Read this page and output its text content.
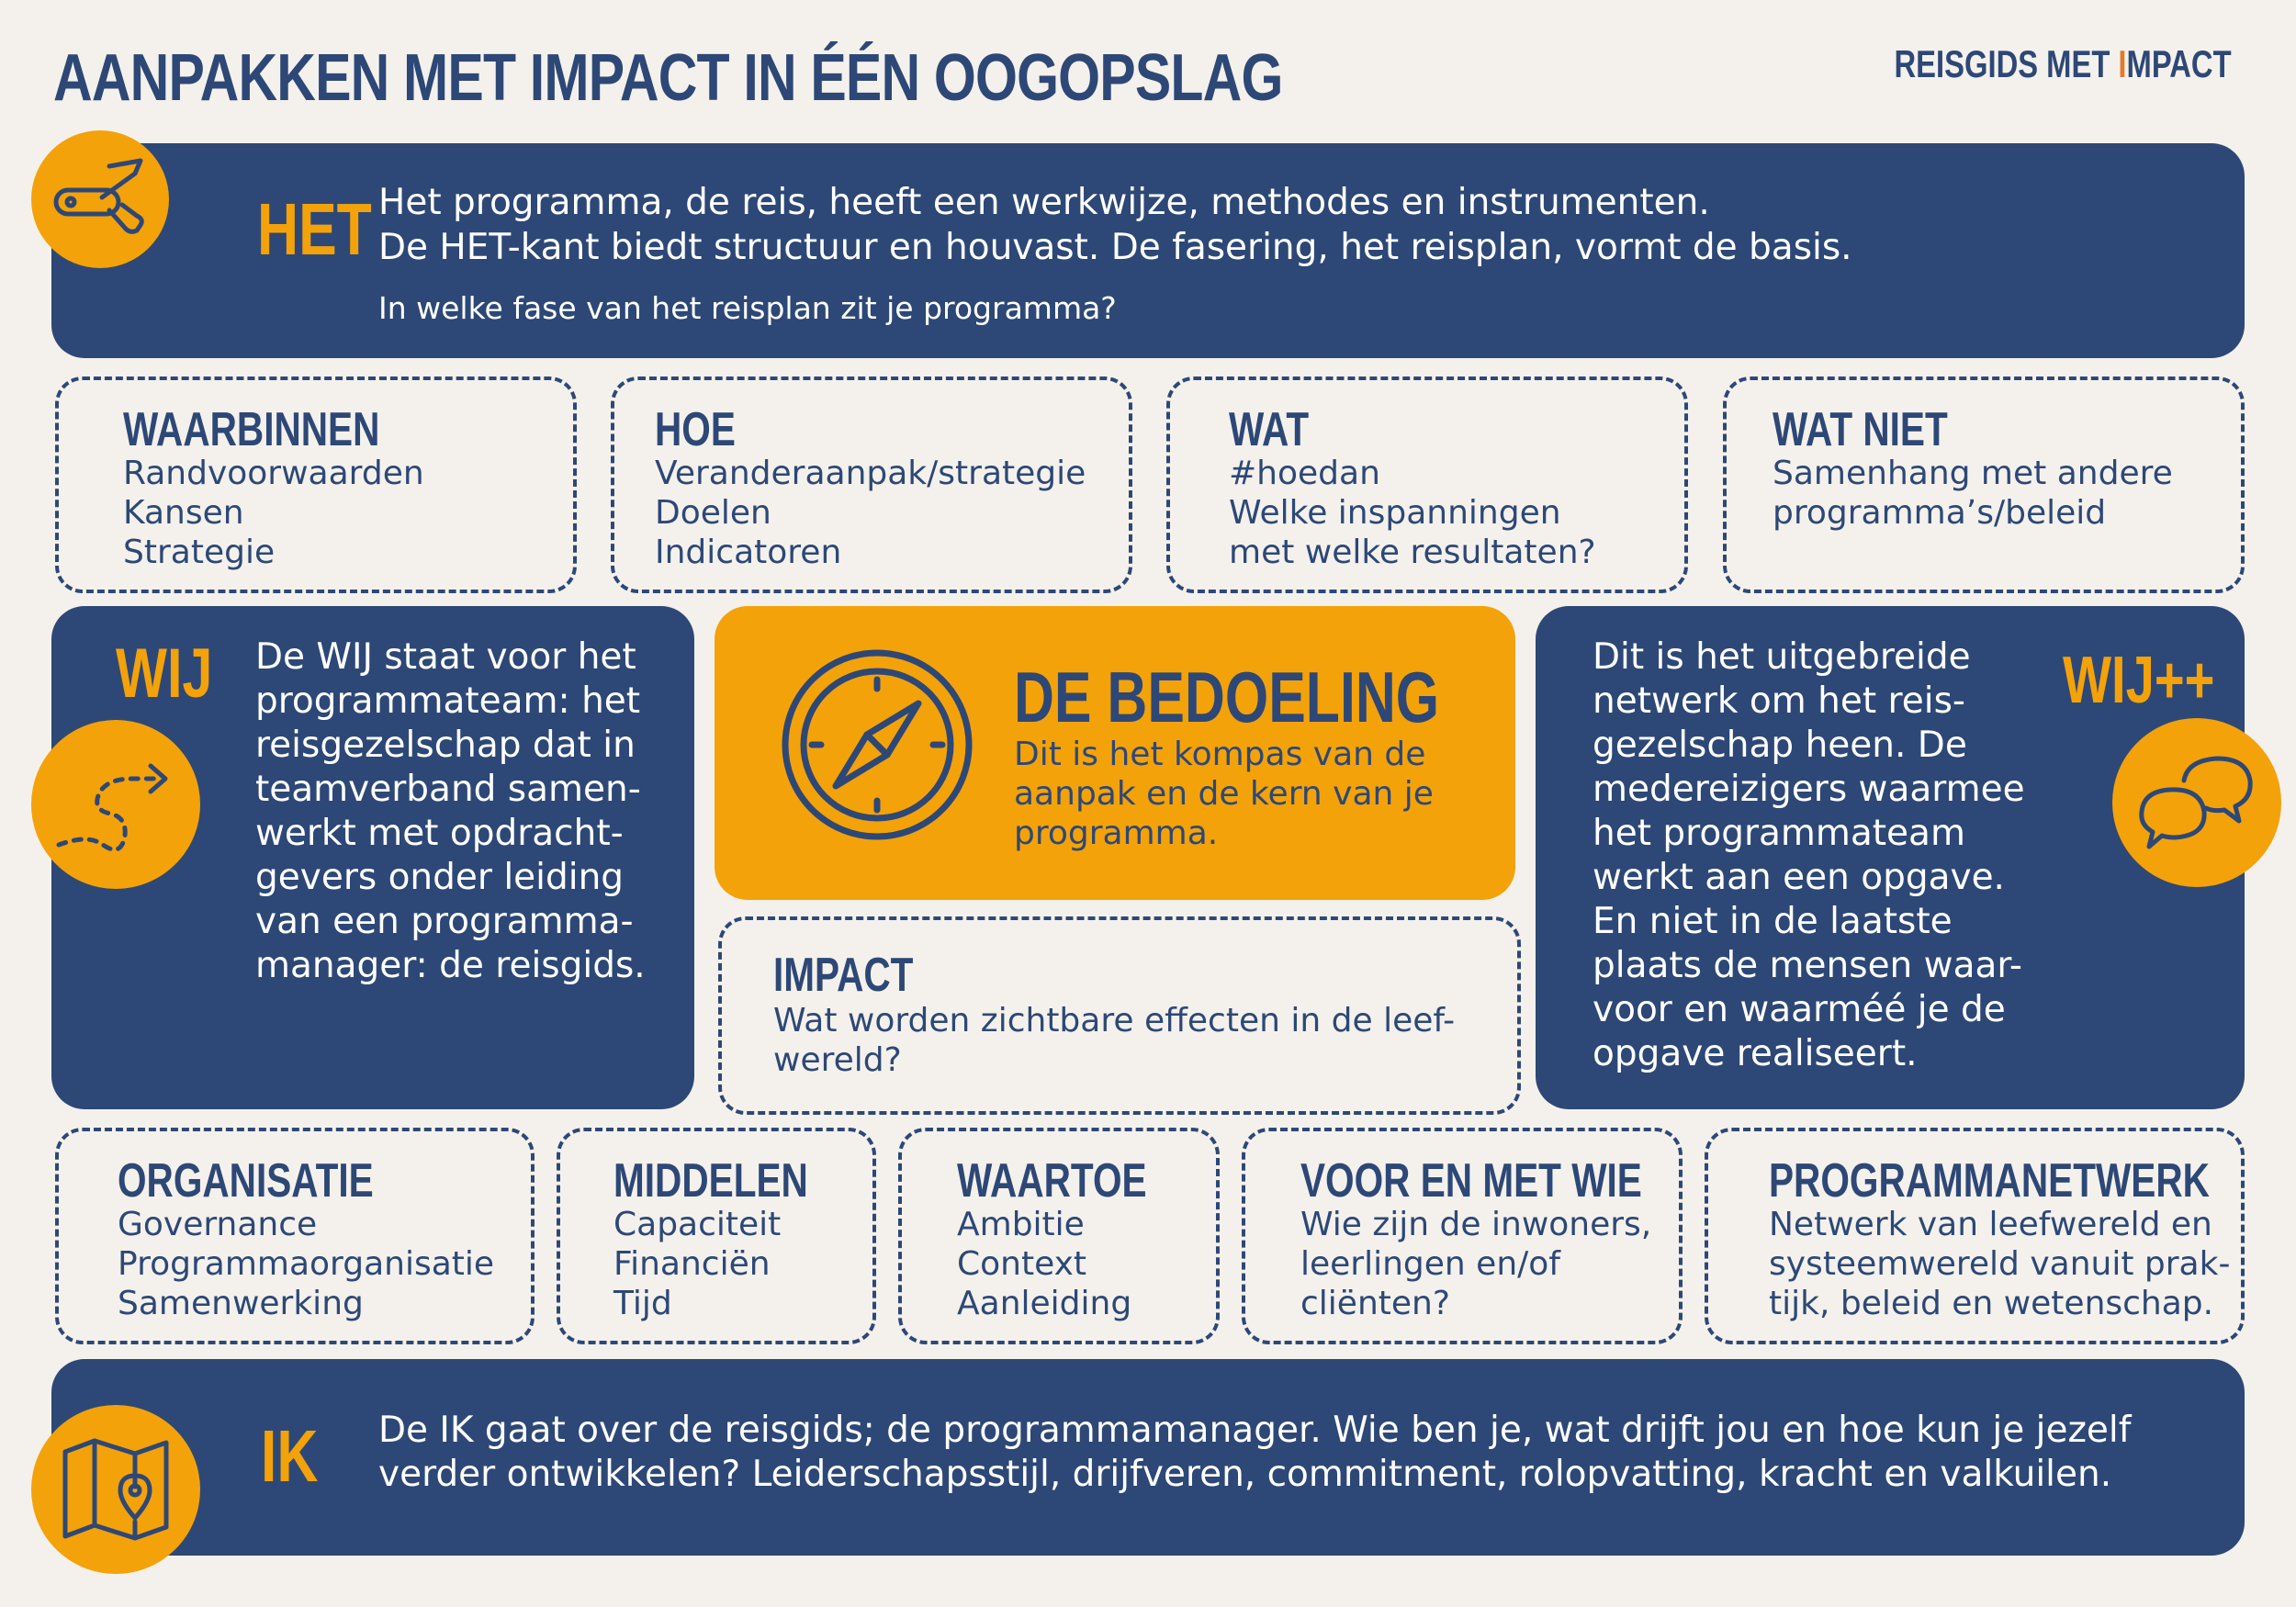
AANPAKKEN MET IMPACT IN ÉÉN OOGOPSLAG	REISGIDS MET IMPACT
HET Het programma, de reis, heeft een werkwijze, methodes en instrumenten.
De HET-kant biedt structuur en houvast. De fasering, het reisplan, vormt de basis.
In welke fase van het reisplan zit je programma?
WAARBINNEN
Randvoorwaarden
Kansen
Strategie
HOE
Veranderaanpak/strategie
Doelen
Indicatoren
WAT
#hoedan
Welke inspanningen
met welke resultaten?
WAT NIET
Samenhang met andere
programma’s/beleid
WIJ De WIJ staat voor het
programmateam: het
reisgezelschap dat in
teamverband samen-
werkt met opdracht-
gevers onder leiding
van een programma-
manager: de reisgids.
DE BEDOELING
Dit is het kompas van de
aanpak en de kern van je
programma.
IMPACT
Wat worden zichtbare effecten in de leef-
wereld?
Dit is het uitgebreide
netwerk om het reis-
gezelschap heen. De
medereizigers waarmee
het programmateam
werkt aan een opgave.
En niet in de laatste
plaats de mensen waar-
voor en waarméé je de
opgave realiseert.
WIJ++
ORGANISATIE
Governance
Programmaorganisatie
Samenwerking
MIDDELEN
Capaciteit
Financiën
Tijd
WAARTOE
Ambitie
Context
Aanleiding
VOOR EN MET WIE
Wie zijn de inwoners,
leerlingen en/of
cliënten?
PROGRAMMANETWERK
Netwerk van leefwereld en
systeemwereld vanuit prak-
tijk, beleid en wetenschap.
IK De IK gaat over de reisgids; de programmamanager. Wie ben je, wat drijft jou en hoe kun je jezelf
verder ontwikkelen? Leiderschapsstijl, drijfveren, commitment, rolopvatting, kracht en valkuilen.
